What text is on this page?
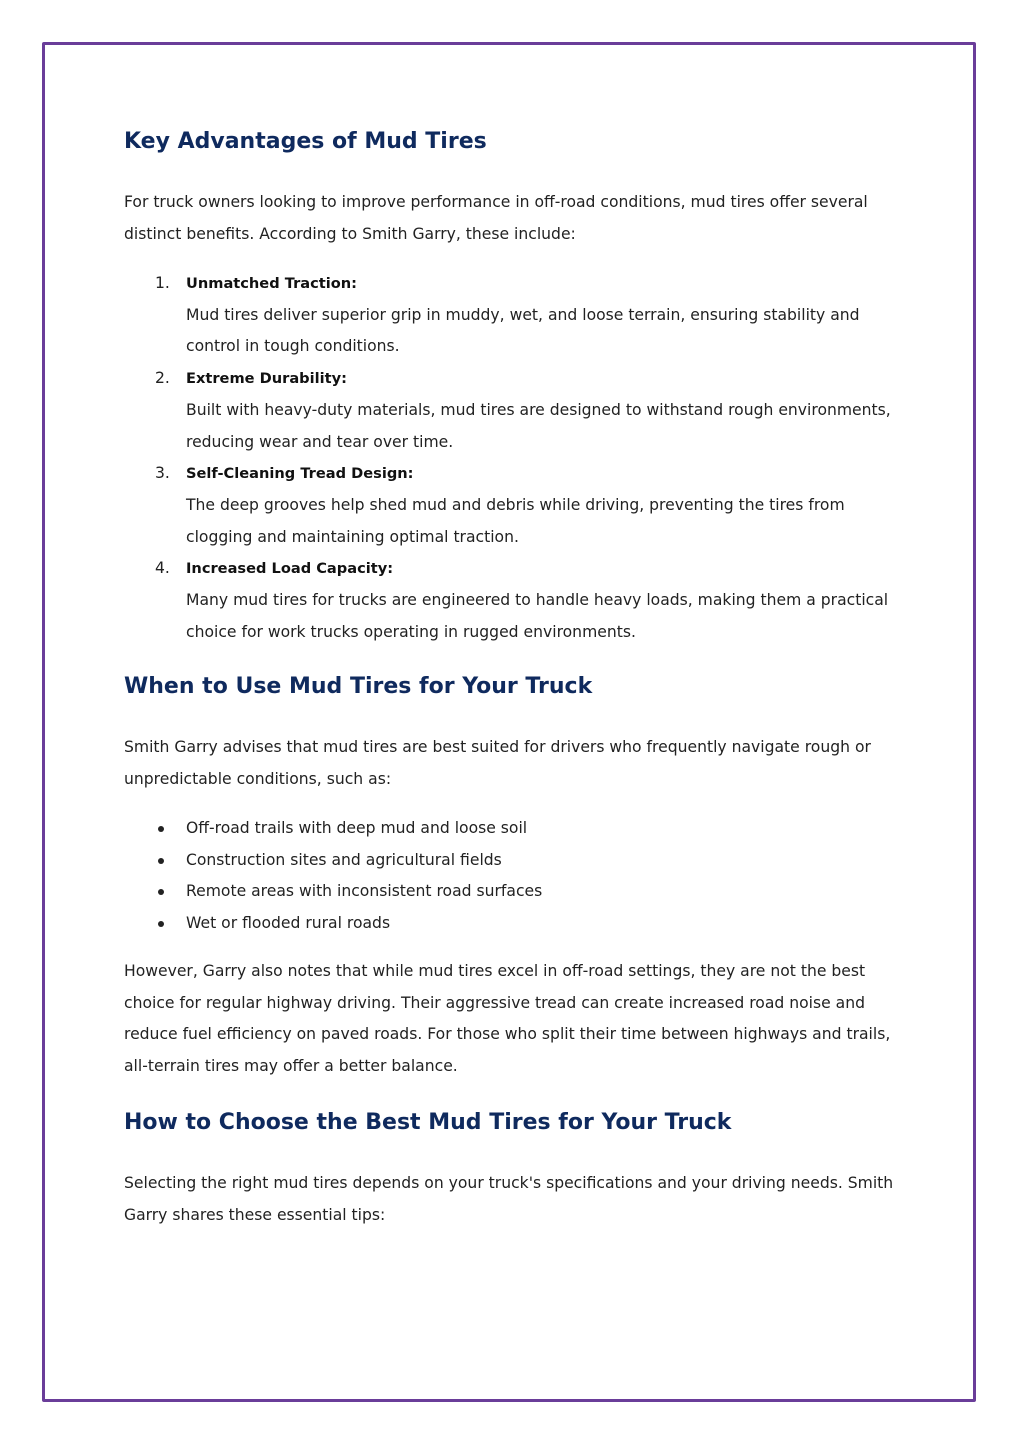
Key Advantages of Mud Tires

For truck owners looking to improve performance in off-road conditions, mud tires offer several distinct benefits. According to Smith Garry, these include:

1. Unmatched Traction:
Mud tires deliver superior grip in muddy, wet, and loose terrain, ensuring stability and control in tough conditions.
2. Extreme Durability:
Built with heavy-duty materials, mud tires are designed to withstand rough environments, reducing wear and tear over time.
3. Self-Cleaning Tread Design:
The deep grooves help shed mud and debris while driving, preventing the tires from clogging and maintaining optimal traction.
4. Increased Load Capacity:
Many mud tires for trucks are engineered to handle heavy loads, making them a practical choice for work trucks operating in rugged environments.
When to Use Mud Tires for Your Truck

Smith Garry advises that mud tires are best suited for drivers who frequently navigate rough or unpredictable conditions, such as:

Off-road trails with deep mud and loose soil
Construction sites and agricultural fields
Remote areas with inconsistent road surfaces
Wet or flooded rural roads

However, Garry also notes that while mud tires excel in off-road settings, they are not the best choice for regular highway driving. Their aggressive tread can create increased road noise and reduce fuel efficiency on paved roads. For those who split their time between highways and trails, all-terrain tires may offer a better balance.

How to Choose the Best Mud Tires for Your Truck

Selecting the right mud tires depends on your truck's specifications and your driving needs. Smith Garry shares these essential tips:
